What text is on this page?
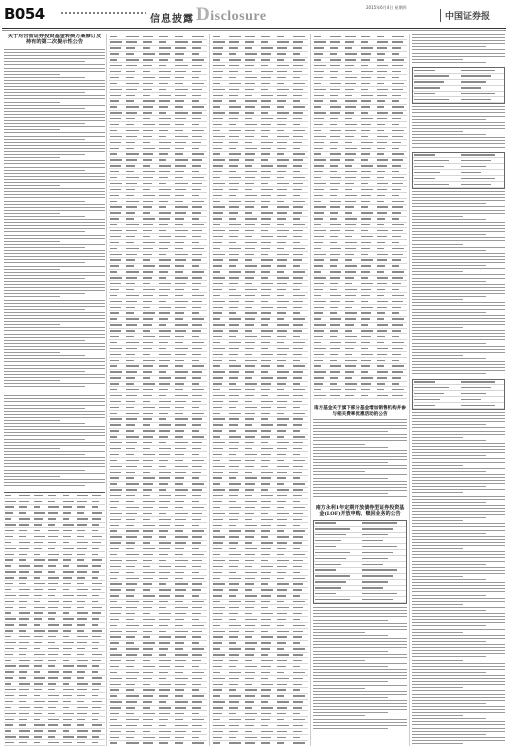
B054	信息披露 Disclosure
2015年6月4日 星期四
中国证券报
关于对合智证券投资基金转换方案修订及持有的第二次提示性公告
南方基金关于旗下部分基金增加销售机构并参与相关费率优惠活动的公告
南方永利1年定期开放债券型证券投资基金(LOF)开放申购、赎回业务的公告
